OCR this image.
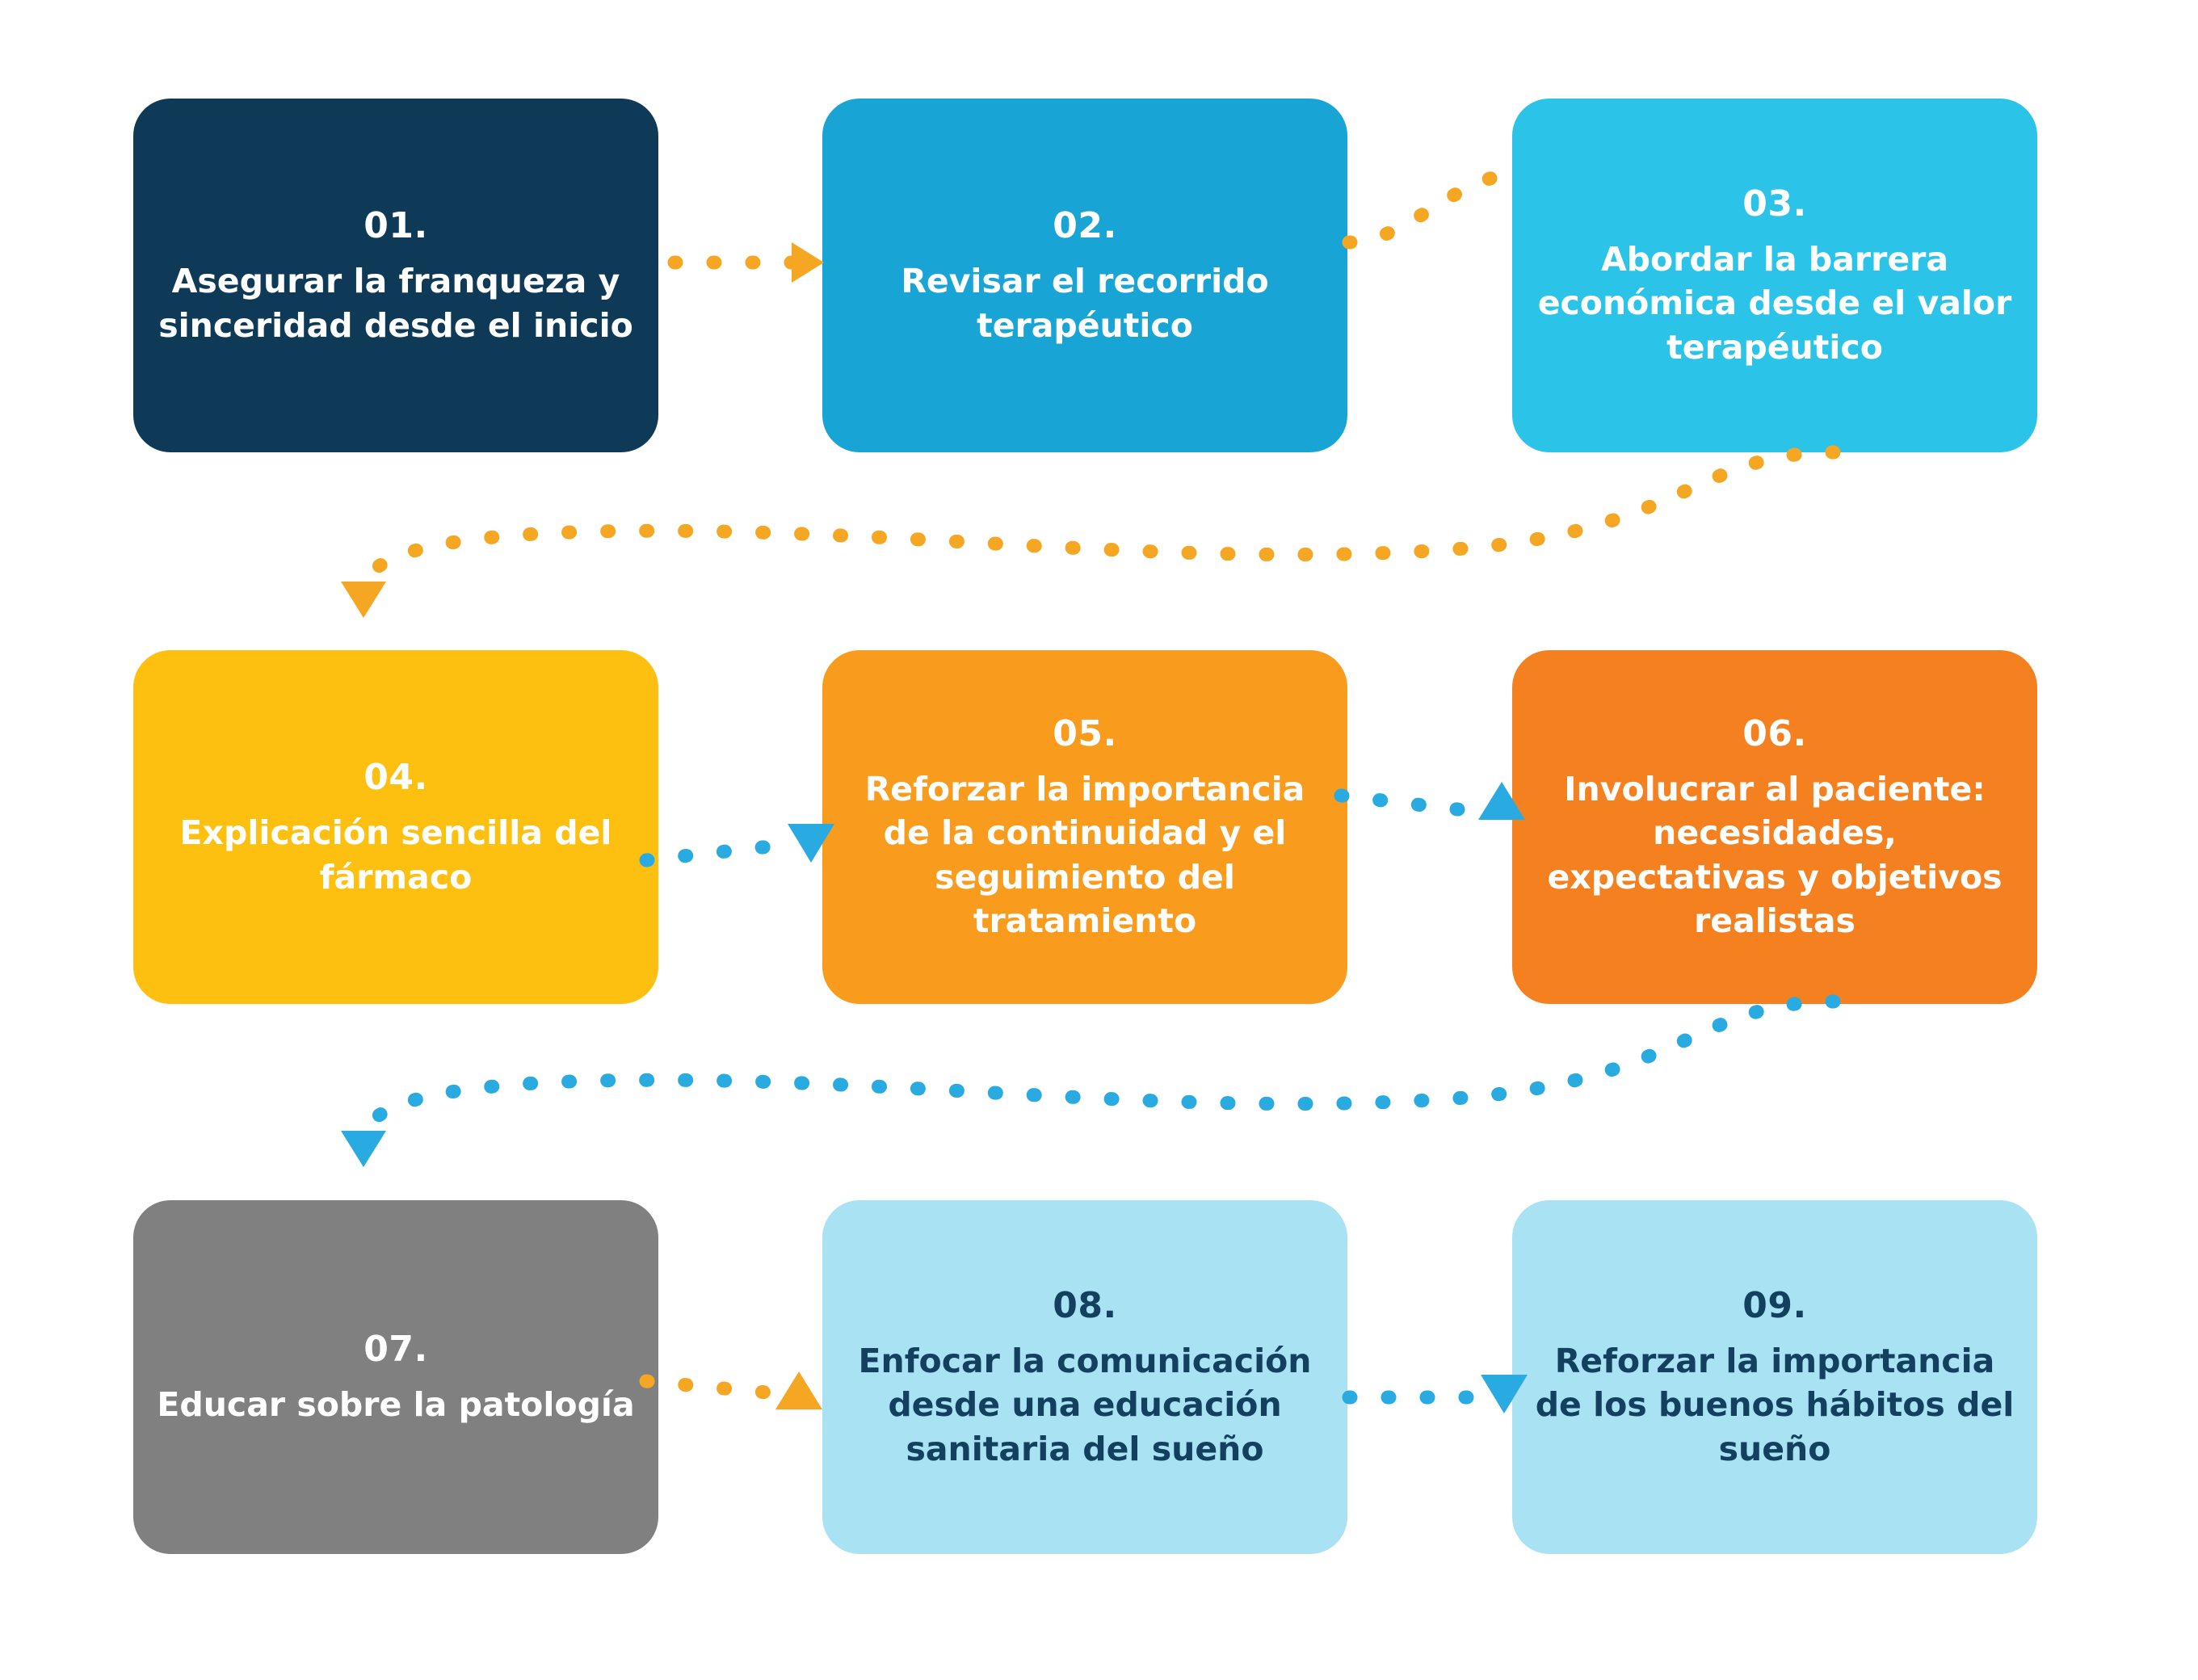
01.
Asegurar la franqueza y sinceridad desde el inicio
02.
Revisar el recorrido terapéutico
03.
Abordar la barrera económica desde el valor terapéutico
04.
Explicación sencilla del fármaco
05.
Reforzar la importancia de la continuidad y el seguimiento del tratamiento
06.
Involucrar al paciente: necesidades, expectativas y objetivos realistas
07.
Educar sobre la patología
08.
Enfocar la comunicación desde una educación sanitaria del sueño
09.
Reforzar la importancia de los buenos hábitos del sueño
